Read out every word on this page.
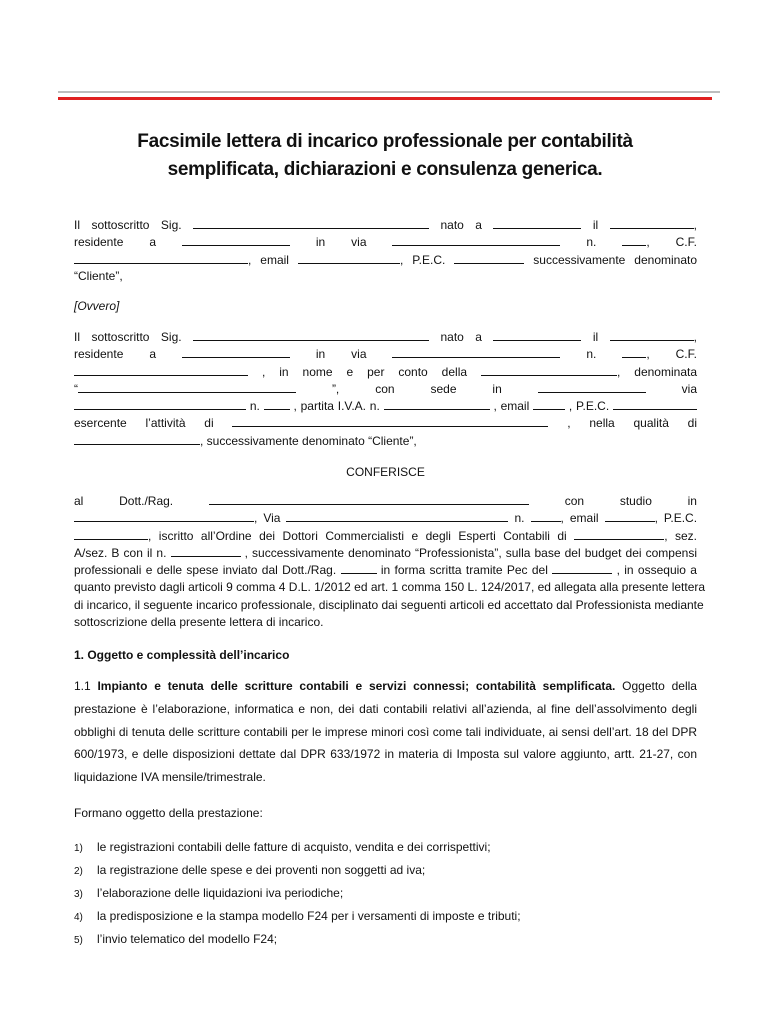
Facsimile lettera di incarico professionale per contabilità semplificata, dichiarazioni e consulenza generica.
Il sottoscritto Sig.	nato a	il	,
residente a	in via	n.	, C.F.
, email	, P.E.C.	successivamente denominato
“Cliente”,
[Ovvero]
Il sottoscritto Sig.	nato a	il	,
residente a	in via	n.	, C.F.
, in nome e per conto della	, denominata
“	”, con sede in	via
n.	, partita I.V.A. n.	, email	, P.E.C.
esercente l’attività di	, nella qualità di
, successivamente denominato “Cliente”,
CONFERISCE
al Dott./Rag.	con studio in
, Via	n.	, email	, P.E.C.
, iscritto all’Ordine dei Dottori Commercialisti e degli Esperti Contabili di	, sez.
A/sez. B con il n.	, successivamente denominato “Professionista”, sulla base del budget dei compensi
professionali e delle spese inviato dal Dott./Rag.	in forma scritta tramite Pec del	, in ossequio a
quanto previsto dagli articoli 9 comma 4 D.L. 1/2012 ed art. 1 comma 150 L. 124/2017, ed allegata alla presente lettera
di incarico, il seguente incarico professionale, disciplinato dai seguenti articoli ed accettato dal Professionista mediante
sottoscrizione della presente lettera di incarico.
1. Oggetto e complessità dell’incarico
1.1 Impianto e tenuta delle scritture contabili e servizi connessi; contabilità semplificata. Oggetto della prestazione è l’elaborazione, informatica e non, dei dati contabili relativi all’azienda, al fine dell’assolvimento degli obblighi di tenuta delle scritture contabili per le imprese minori così come tali individuate, ai sensi dell’art. 18 del DPR 600/1973, e delle disposizioni dettate dal DPR 633/1972 in materia di Imposta sul valore aggiunto, artt. 21-27, con liquidazione IVA mensile/trimestrale.
Formano oggetto della prestazione:
1) le registrazioni contabili delle fatture di acquisto, vendita e dei corrispettivi;
2) la registrazione delle spese e dei proventi non soggetti ad iva;
3) l’elaborazione delle liquidazioni iva periodiche;
4) la predisposizione e la stampa modello F24 per i versamenti di imposte e tributi;
5) l’invio telematico del modello F24;
